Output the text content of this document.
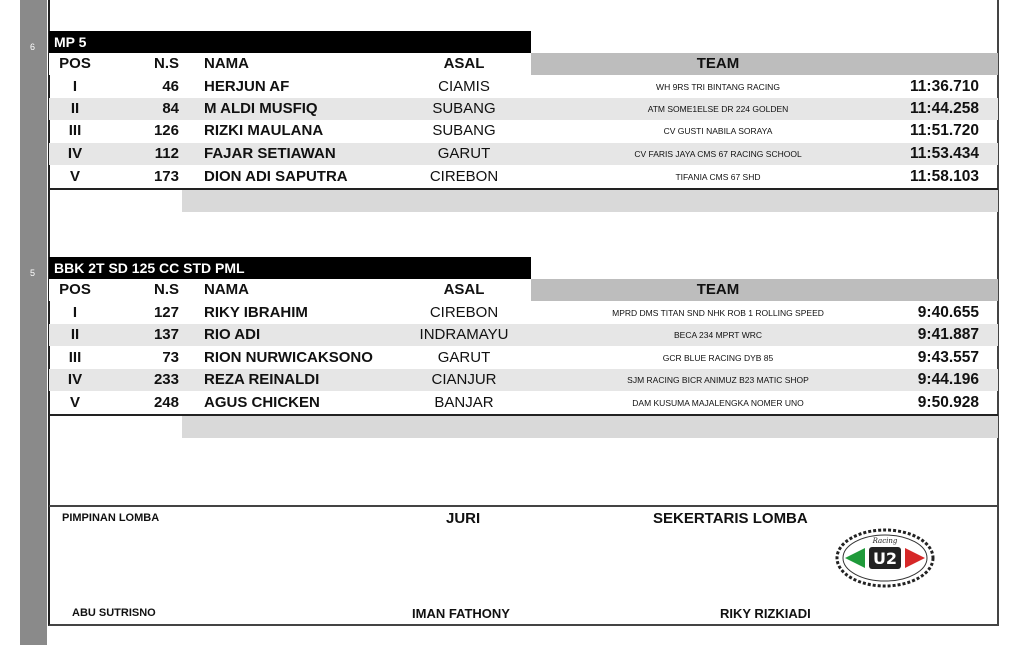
6	MP 5
POS	N.S NAMA	ASAL	TEAM
I	46 HERJUN AF	CIAMIS	WH 9RS TRI BINTANG RACING	11:36.710
II	84 M ALDI MUSFIQ	SUBANG	ATM SOME1ELSE DR 224 GOLDEN	11:44.258
III	126 RIZKI MAULANA	SUBANG	CV GUSTI NABILA SORAYA	11:51.720
IV	112 FAJAR SETIAWAN	GARUT	CV FARIS JAYA CMS 67 RACING SCHOOL	11:53.434
V	173 DION ADI SAPUTRA	CIREBON	TIFANIA CMS 67 SHD	11:58.103
5	BBK 2T SD 125 CC STD PML
POS	N.S NAMA	ASAL	TEAM
I	127 RIKY IBRAHIM	CIREBON	MPRD DMS TITAN SND NHK ROB 1 ROLLING SPEED	9:40.655
II	137 RIO ADI	INDRAMAYU	BECA 234 MPRT WRC	9:41.887
III	73 RION NURWICAKSONO	GARUT	GCR BLUE RACING DYB 85	9:43.557
IV	233 REZA REINALDI	CIANJUR	SJM RACING BICR ANIMUZ B23 MATIC SHOP	9:44.196
V	248 AGUS CHICKEN	BANJAR	DAM KUSUMA MAJALENGKA NOMER UNO	9:50.928
PIMPINAN LOMBA	JURI	SEKERTARIS LOMBA
ABU SUTRISNO	IMAN FATHONY	RIKY RIZKIADI
U2
Racing
